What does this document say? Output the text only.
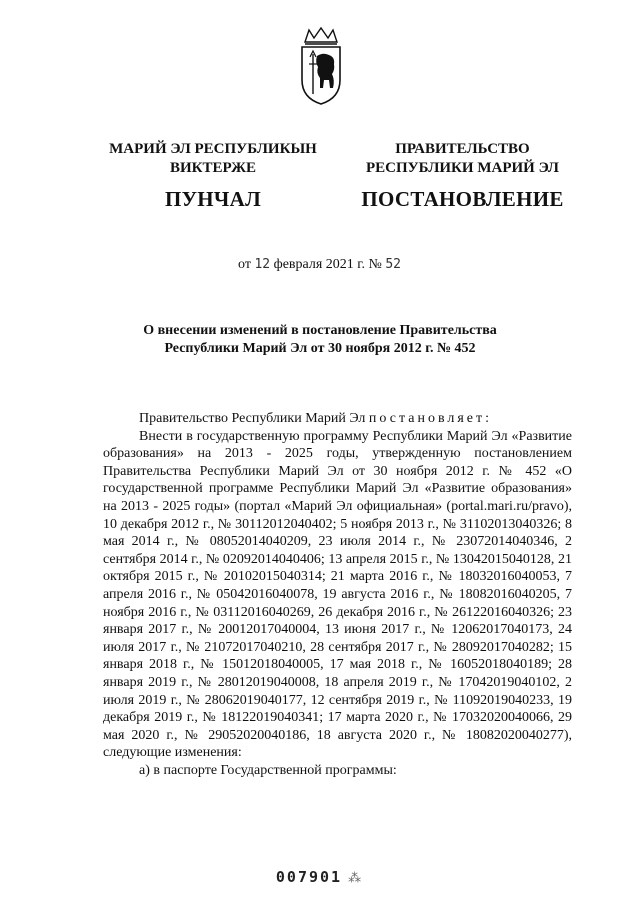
МАРИЙ ЭЛ РЕСПУБЛИКЫН
ВИКТЕРЖЕ
ПУНЧАЛ
ПРАВИТЕЛЬСТВО
РЕСПУБЛИКИ МАРИЙ ЭЛ
ПОСТАНОВЛЕНИЕ
от 12 февраля 2021 г. № 52
О внесении изменений в постановление Правительства
Республики Марий Эл от 30 ноября 2012 г. № 452

Правительство Республики Марий Эл постановляет:

Внести в государственную программу Республики Марий Эл «Развитие образования» на 2013 - 2025 годы, утвержденную постановлением Правительства Республики Марий Эл от 30 ноября 2012 г. № 452 «О государственной программе Республики Марий Эл «Развитие образования» на 2013 - 2025 годы» (портал «Марий Эл официальная» (portal.mari.ru/pravo), 10 декабря 2012 г., № 30112012040402; 5 ноября 2013 г., № 31102013040326; 8 мая 2014 г., № 08052014040209, 23 июля 2014 г., № 23072014040346, 2 сентября 2014 г., № 02092014040406; 13 апреля 2015 г., № 13042015040128, 21 октября 2015 г., № 20102015040314; 21 марта 2016 г., № 18032016040053, 7 апреля 2016 г., № 05042016040078, 19 августа 2016 г., № 18082016040205, 7 ноября 2016 г., № 03112016040269, 26 декабря 2016 г., № 26122016040326; 23 января 2017 г., № 20012017040004, 13 июня 2017 г., № 12062017040173, 24 июля 2017 г., № 21072017040210, 28 сентября 2017 г., № 28092017040282; 15 января 2018 г., № 15012018040005, 17 мая 2018 г., № 16052018040189; 28 января 2019 г., № 28012019040008, 18 апреля 2019 г., № 17042019040102, 2 июля 2019 г., № 28062019040177, 12 сентября 2019 г., № 11092019040233, 19 декабря 2019 г., № 18122019040341; 17 марта 2020 г., № 17032020040066, 29 мая 2020 г., № 29052020040186, 18 августа 2020 г., № 18082020040277), следующие изменения:

а) в паспорте Государственной программы:

007901 ⁂
